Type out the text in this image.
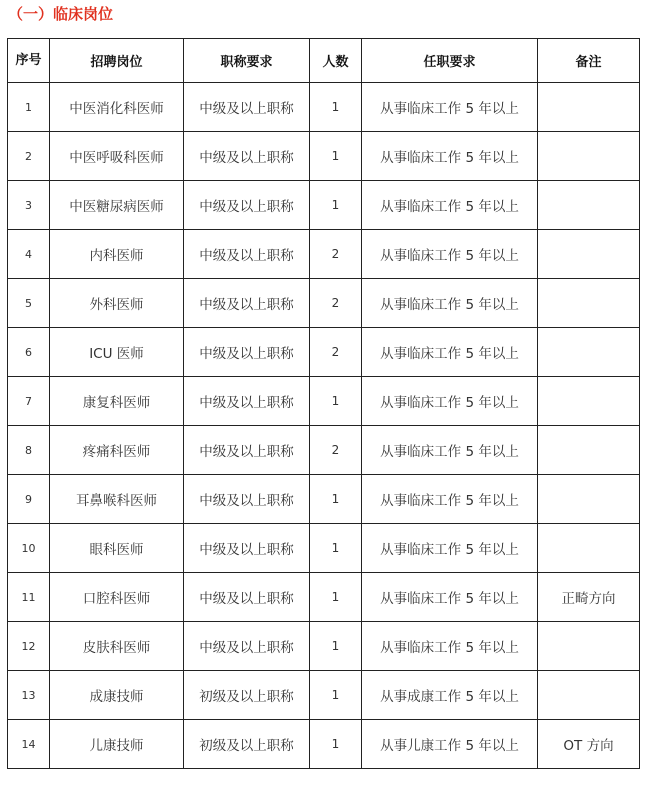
（一）临床岗位
序号	招聘岗位	职称要求	人数	任职要求	备注
1	中医消化科医师	中级及以上职称	1	从事临床工作 5 年以上	
2	中医呼吸科医师	中级及以上职称	1	从事临床工作 5 年以上	
3	中医糖尿病医师	中级及以上职称	1	从事临床工作 5 年以上	
4	内科医师	中级及以上职称	2	从事临床工作 5 年以上	
5	外科医师	中级及以上职称	2	从事临床工作 5 年以上	
6	ICU 医师	中级及以上职称	2	从事临床工作 5 年以上	
7	康复科医师	中级及以上职称	1	从事临床工作 5 年以上	
8	疼痛科医师	中级及以上职称	2	从事临床工作 5 年以上	
9	耳鼻喉科医师	中级及以上职称	1	从事临床工作 5 年以上	
10	眼科医师	中级及以上职称	1	从事临床工作 5 年以上	
11	口腔科医师	中级及以上职称	1	从事临床工作 5 年以上	正畸方向
12	皮肤科医师	中级及以上职称	1	从事临床工作 5 年以上	
13	成康技师	初级及以上职称	1	从事成康工作 5 年以上	
14	儿康技师	初级及以上职称	1	从事儿康工作 5 年以上	OT 方向
